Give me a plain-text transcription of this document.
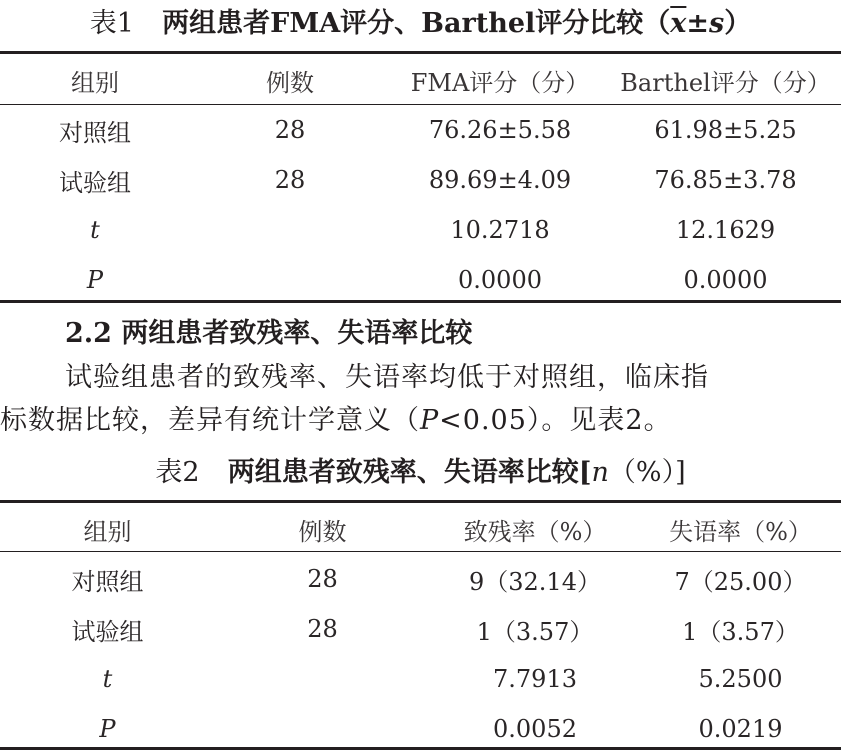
表1 两组患者FMA评分、Barthel评分比较$(\overline{x}\pm s)$
组别	例数	FMA评分（分）	Barthel评分（分）
对照组	28	76.26±5.58	61.98±5.25
试验组	28	89.69±4.09	76.85±3.78
t		10.2718	12.1629
P		0.0000	0.0000
2.2 两组患者致残率、失语率比较
试验组患者的致残率、失语率均低于对照组，临床指
标数据比较，差异有统计学意义（P<0.05）。见表2。
表2 两组患者致残率、失语率比较[n（%）]
组别	例数	致残率（%）	失语率（%）
对照组	28	9（32.14）	7（25.00）
试验组	28	1（3.57）	1（3.57）
t		7.7913	5.2500
P		0.0052	0.0219
